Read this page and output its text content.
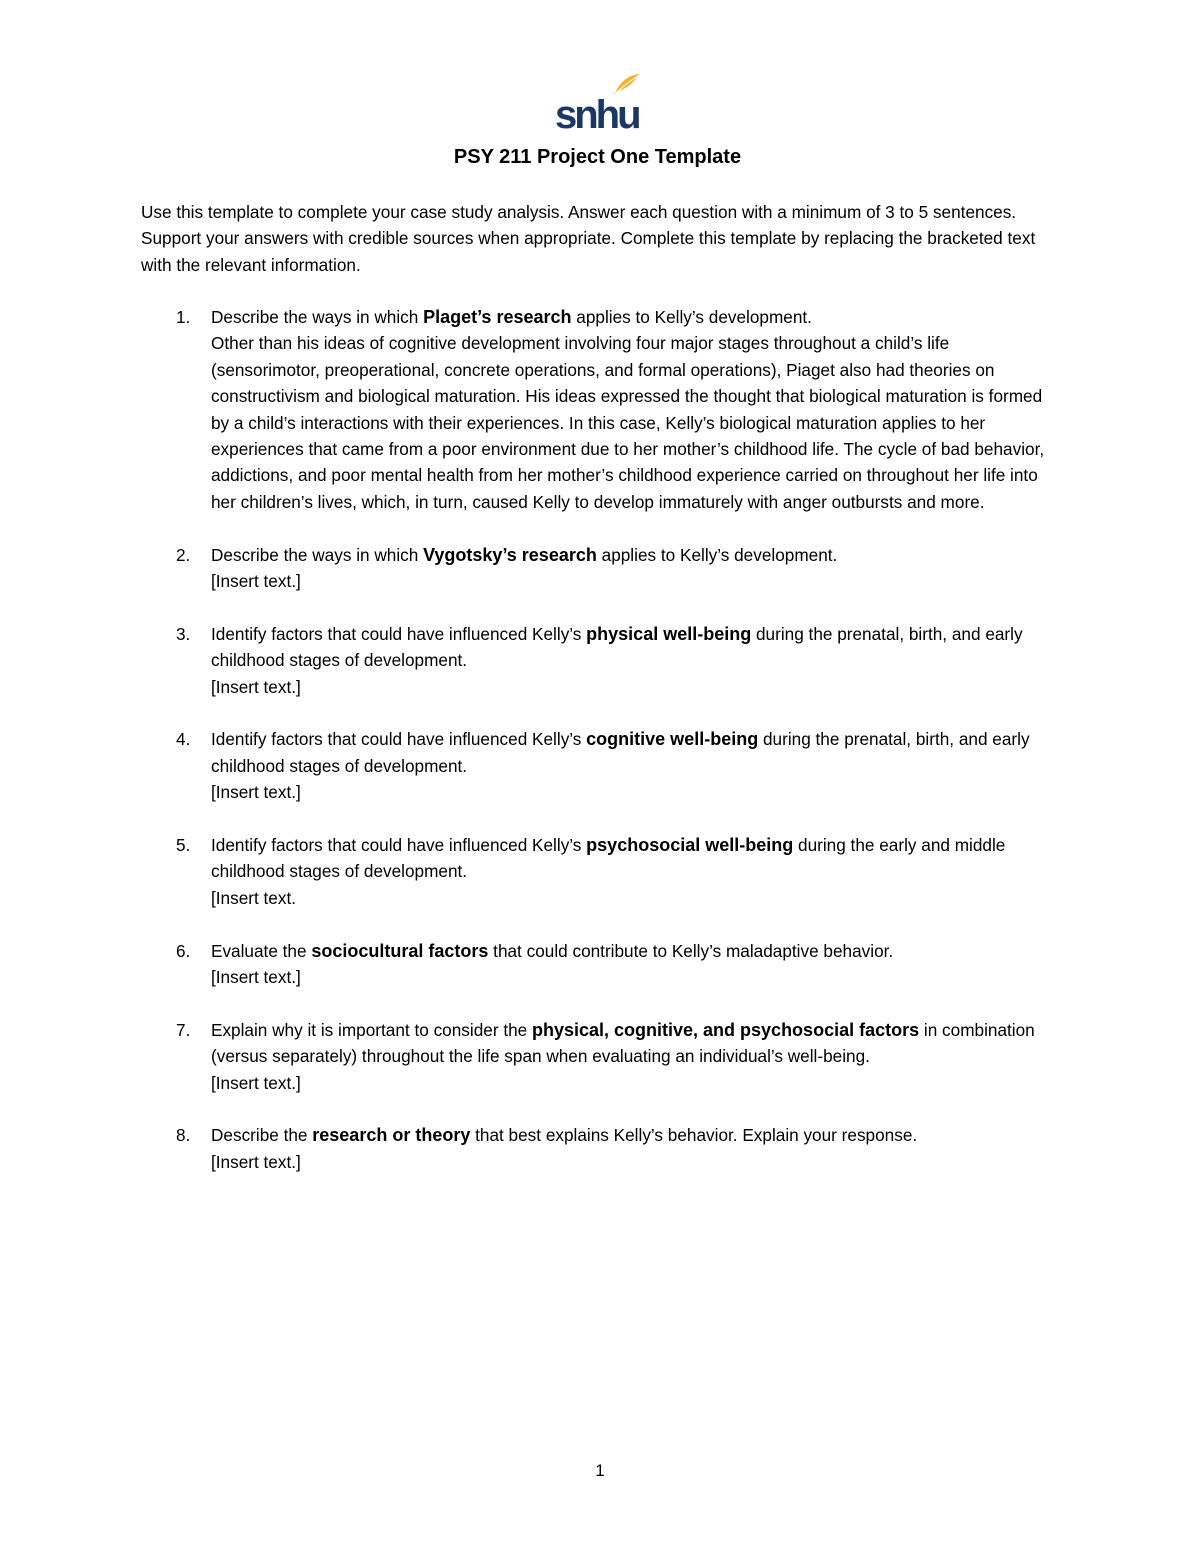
snhu
PSY 211 Project One Template
Use this template to complete your case study analysis. Answer each question with a minimum of 3 to 5 sentences. Support your answers with credible sources when appropriate. Complete this template by replacing the bracketed text with the relevant information.
1. Describe the ways in which Plaget’s research applies to Kelly’s development.
Other than his ideas of cognitive development involving four major stages throughout a child’s life (sensorimotor, preoperational, concrete operations, and formal operations), Piaget also had theories on constructivism and biological maturation. His ideas expressed the thought that biological maturation is formed by a child’s interactions with their experiences. In this case, Kelly’s biological maturation applies to her experiences that came from a poor environment due to her mother’s childhood life. The cycle of bad behavior, addictions, and poor mental health from her mother’s childhood experience carried on throughout her life into her children’s lives, which, in turn, caused Kelly to develop immaturely with anger outbursts and more.
2. Describe the ways in which Vygotsky’s research applies to Kelly’s development.
[Insert text.]
3. Identify factors that could have influenced Kelly’s physical well-being during the prenatal, birth, and early childhood stages of development.
[Insert text.]
4. Identify factors that could have influenced Kelly’s cognitive well-being during the prenatal, birth, and early childhood stages of development.
[Insert text.]
5. Identify factors that could have influenced Kelly’s psychosocial well-being during the early and middle childhood stages of development.
[Insert text.
6. Evaluate the sociocultural factors that could contribute to Kelly’s maladaptive behavior.
[Insert text.]
7. Explain why it is important to consider the physical, cognitive, and psychosocial factors in combination (versus separately) throughout the life span when evaluating an individual’s well-being.
[Insert text.]
8. Describe the research or theory that best explains Kelly’s behavior. Explain your response.
[Insert text.]
1
